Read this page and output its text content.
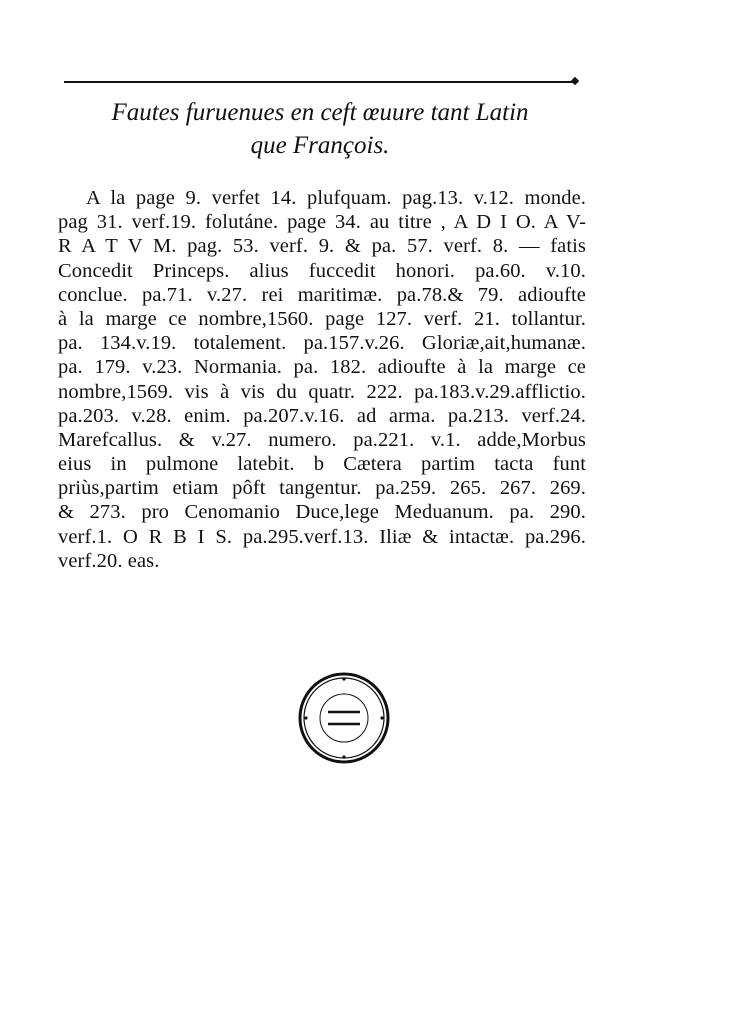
Fautes furuenues en ceft œuure tant Latin
que François.
A la page 9. verfet 14. plufquam. pag.13. v.12. monde.
pag 31. verf.19. folutáne. page 34. au titre , A D I O. A V-
R A T V M. pag. 53. verf. 9. & pa. 57. verf. 8. — fatis
Concedit Princeps. alius fuccedit honori. pa.60. v.10.
conclue. pa.71. v.27. rei maritimæ. pa.78.& 79. adioufte
à la marge ce nombre,1560. page 127. verf. 21. tollantur.
pa. 134.v.19. totalement. pa.157.v.26. Gloriæ,ait,humanæ.
pa. 179. v.23. Normania. pa. 182. adioufte à la marge ce
nombre,1569. vis à vis du quatr. 222. pa.183.v.29.afflictio.
pa.203. v.28. enim. pa.207.v.16. ad arma. pa.213. verf.24.
Marefcallus. & v.27. numero. pa.221. v.1. adde,Morbus
eius in pulmone latebit. b Cætera partim tacta funt
priùs,partim etiam pôft tangentur. pa.259. 265. 267. 269.
& 273. pro Cenomanio Duce,lege Meduanum. pa. 290.
verf.1. O R B I S. pa.295.verf.13. Iliæ & intactæ. pa.296.
verf.20. eas.
